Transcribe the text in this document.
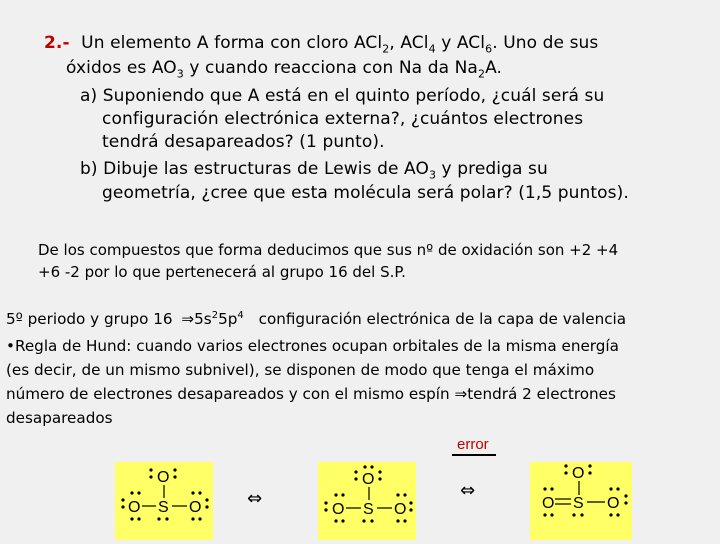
2.- Un elemento A forma con cloro ACl$_2$, ACl$_4$ y ACl$_6$. Uno de sus
óxidos es $AO_3$ y cuando reacciona con Na da $Na_2A$.
a) Suponiendo que A está en el quinto período, ¿cuál será su
configuración electrónica externa?, ¿cuántos electrones
tendrá desapareados? (1 punto).
b) Dibuje las estructuras de Lewis de $AO_3$ y prediga su
geometría, ¿cree que esta molécula será polar? (1,5 puntos).
De los compuestos que forma deducimos que sus nº de oxidación son +2 +4
+6 -2 por lo que pertenecerá al grupo 16 del S.P.
5º periodo y grupo 16 $\Rightarrow 5s^25p^4$ configuración electrónica de la capa de valencia
•Regla de Hund: cuando varios electrones ocupan orbitales de la misma energía
(es decir, de un mismo subnivel), se disponen de modo que tenga el máximo
número de electrones desapareados y con el mismo espín ⇒tendrá 2 electrones
desapareados
error
O
S
O	O	⇔
O
S
O	O
⇔
O
S
O	O
